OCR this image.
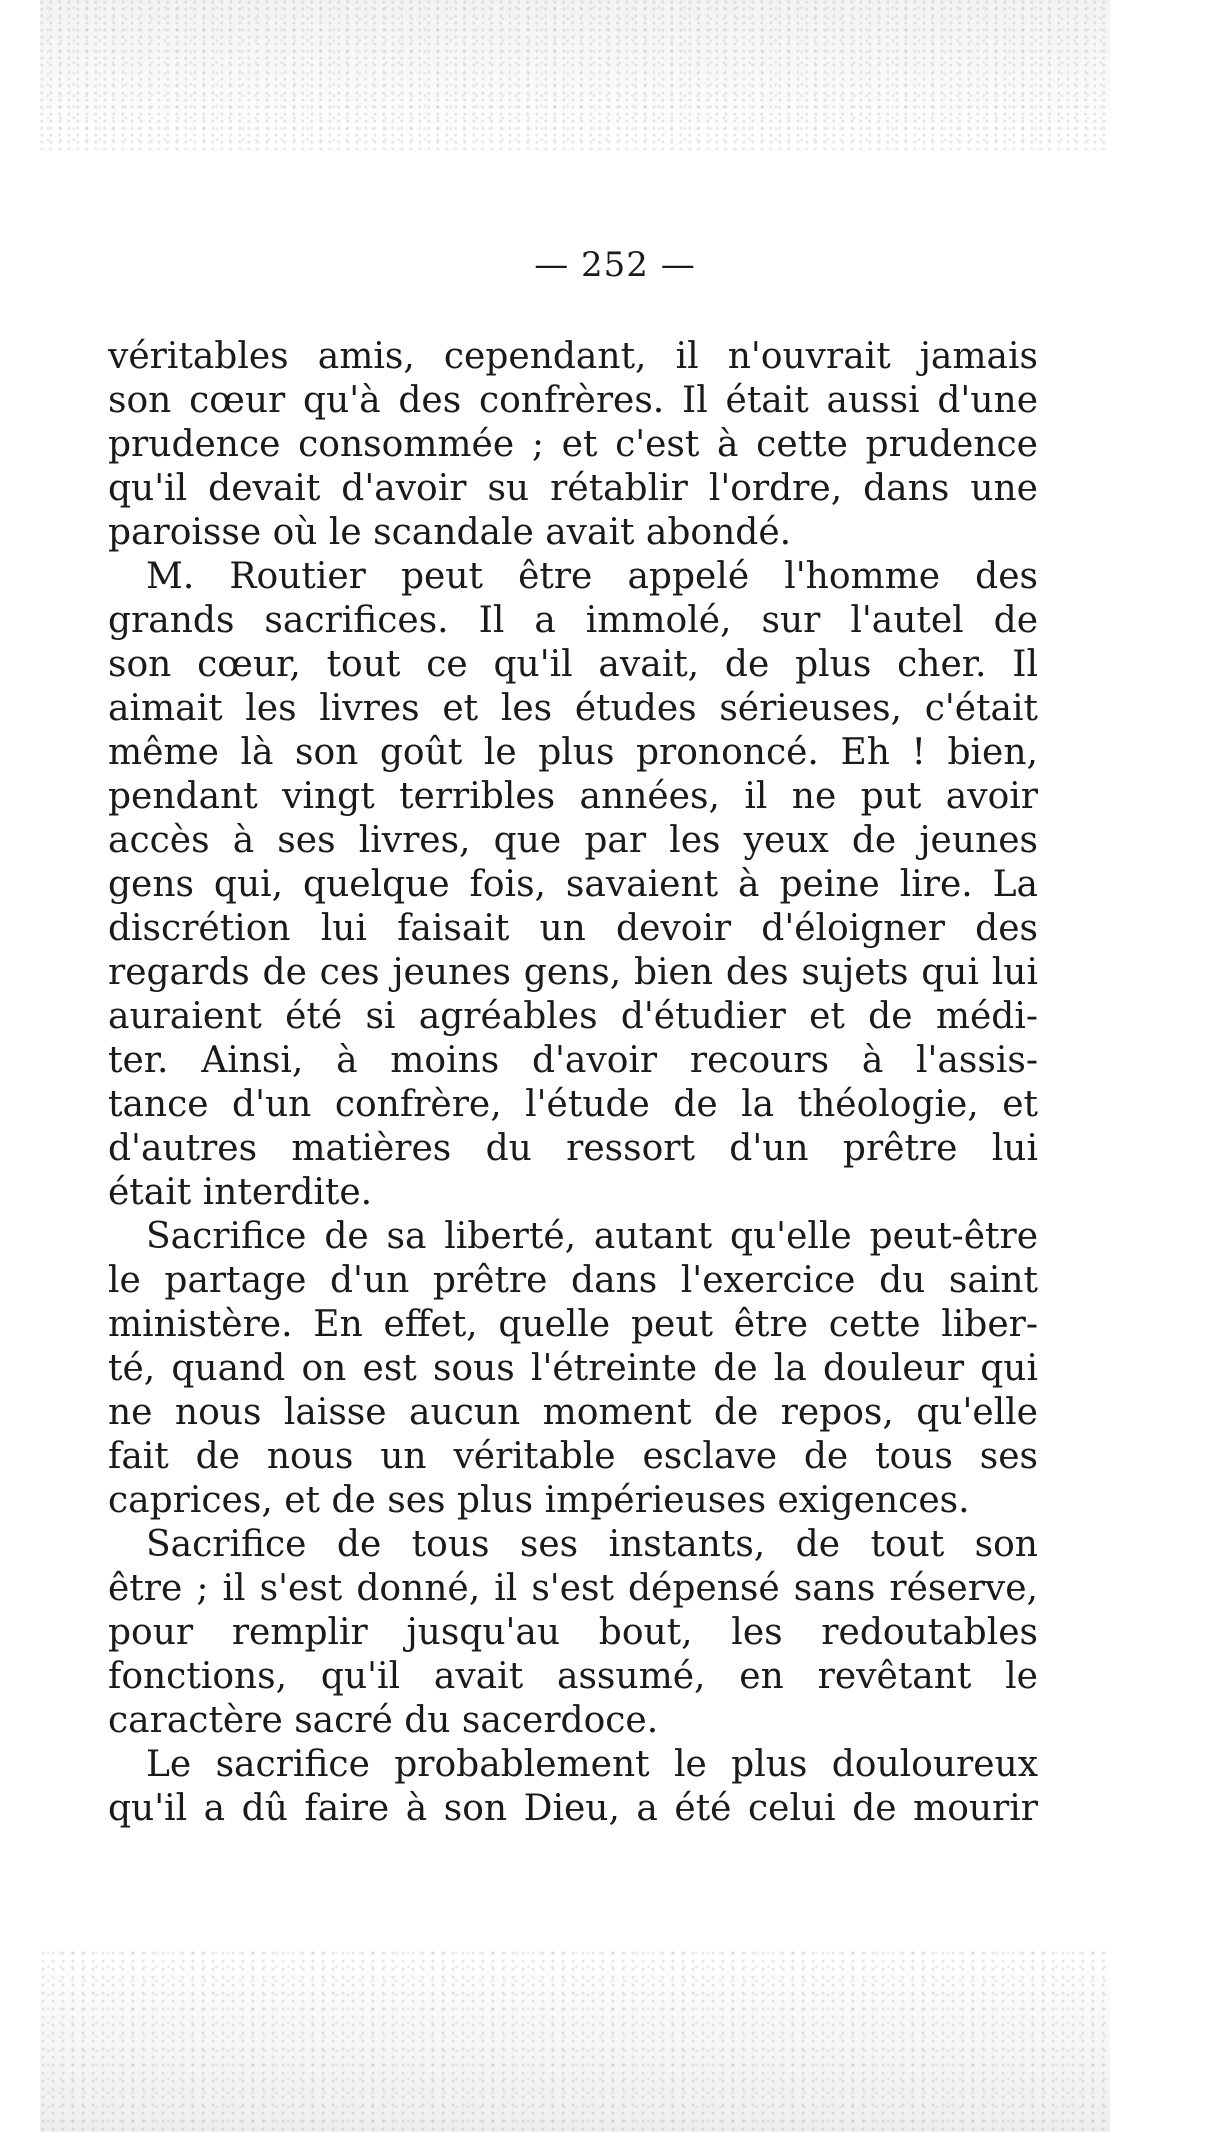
— 252 —
véritables amis, cependant, il n'ouvrait jamais
son cœur qu'à des confrères. Il était aussi d'une
prudence consommée ; et c'est à cette prudence
qu'il devait d'avoir su rétablir l'ordre, dans une
paroisse où le scandale avait abondé.
M. Routier peut être appelé l'homme des
grands sacrifices. Il a immolé, sur l'autel de
son cœur, tout ce qu'il avait, de plus cher. Il
aimait les livres et les études sérieuses, c'était
même là son goût le plus prononcé. Eh ! bien,
pendant vingt terribles années, il ne put avoir
accès à ses livres, que par les yeux de jeunes
gens qui, quelque fois, savaient à peine lire. La
discrétion lui faisait un devoir d'éloigner des
regards de ces jeunes gens, bien des sujets qui lui
auraient été si agréables d'étudier et de médi-
ter. Ainsi, à moins d'avoir recours à l'assis-
tance d'un confrère, l'étude de la théologie, et
d'autres matières du ressort d'un prêtre lui
était interdite.
Sacrifice de sa liberté, autant qu'elle peut-être
le partage d'un prêtre dans l'exercice du saint
ministère. En effet, quelle peut être cette liber-
té, quand on est sous l'étreinte de la douleur qui
ne nous laisse aucun moment de repos, qu'elle
fait de nous un véritable esclave de tous ses
caprices, et de ses plus impérieuses exigences.
Sacrifice de tous ses instants, de tout son
être ; il s'est donné, il s'est dépensé sans réserve,
pour remplir jusqu'au bout, les redoutables
fonctions, qu'il avait assumé, en revêtant le
caractère sacré du sacerdoce.
Le sacrifice probablement le plus douloureux
qu'il a dû faire à son Dieu, a été celui de mourir
